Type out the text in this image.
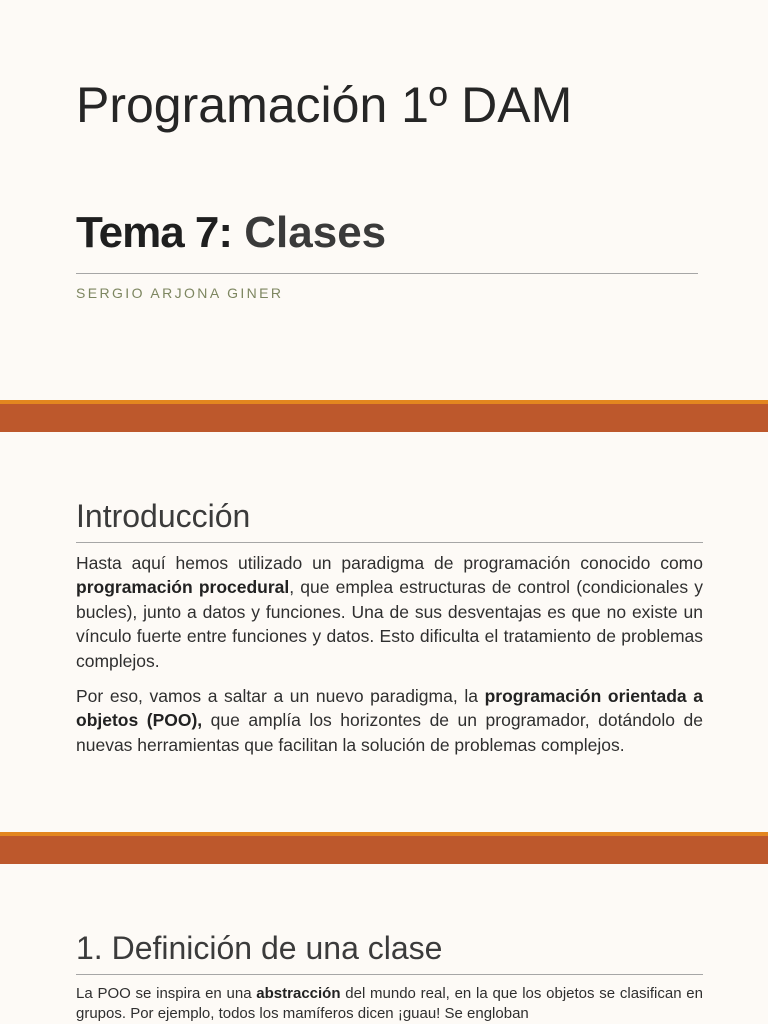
Programación 1º DAM
Tema 7: Clases
SERGIO ARJONA GINER
Introducción

Hasta aquí hemos utilizado un paradigma de programación conocido como programación procedural, que emplea estructuras de control (condicionales y bucles), junto a datos y funciones. Una de sus desventajas es que no existe un vínculo fuerte entre funciones y datos. Esto dificulta el tratamiento de problemas complejos.

Por eso, vamos a saltar a un nuevo paradigma, la programación orientada a objetos (POO), que amplía los horizontes de un programador, dotándolo de nuevas herramientas que facilitan la solución de problemas complejos.

1. Definición de una clase

La POO se inspira en una abstracción del mundo real, en la que los objetos se clasifican en grupos. Por ejemplo, todos los mamíferos dicen ¡guau! Se engloban
